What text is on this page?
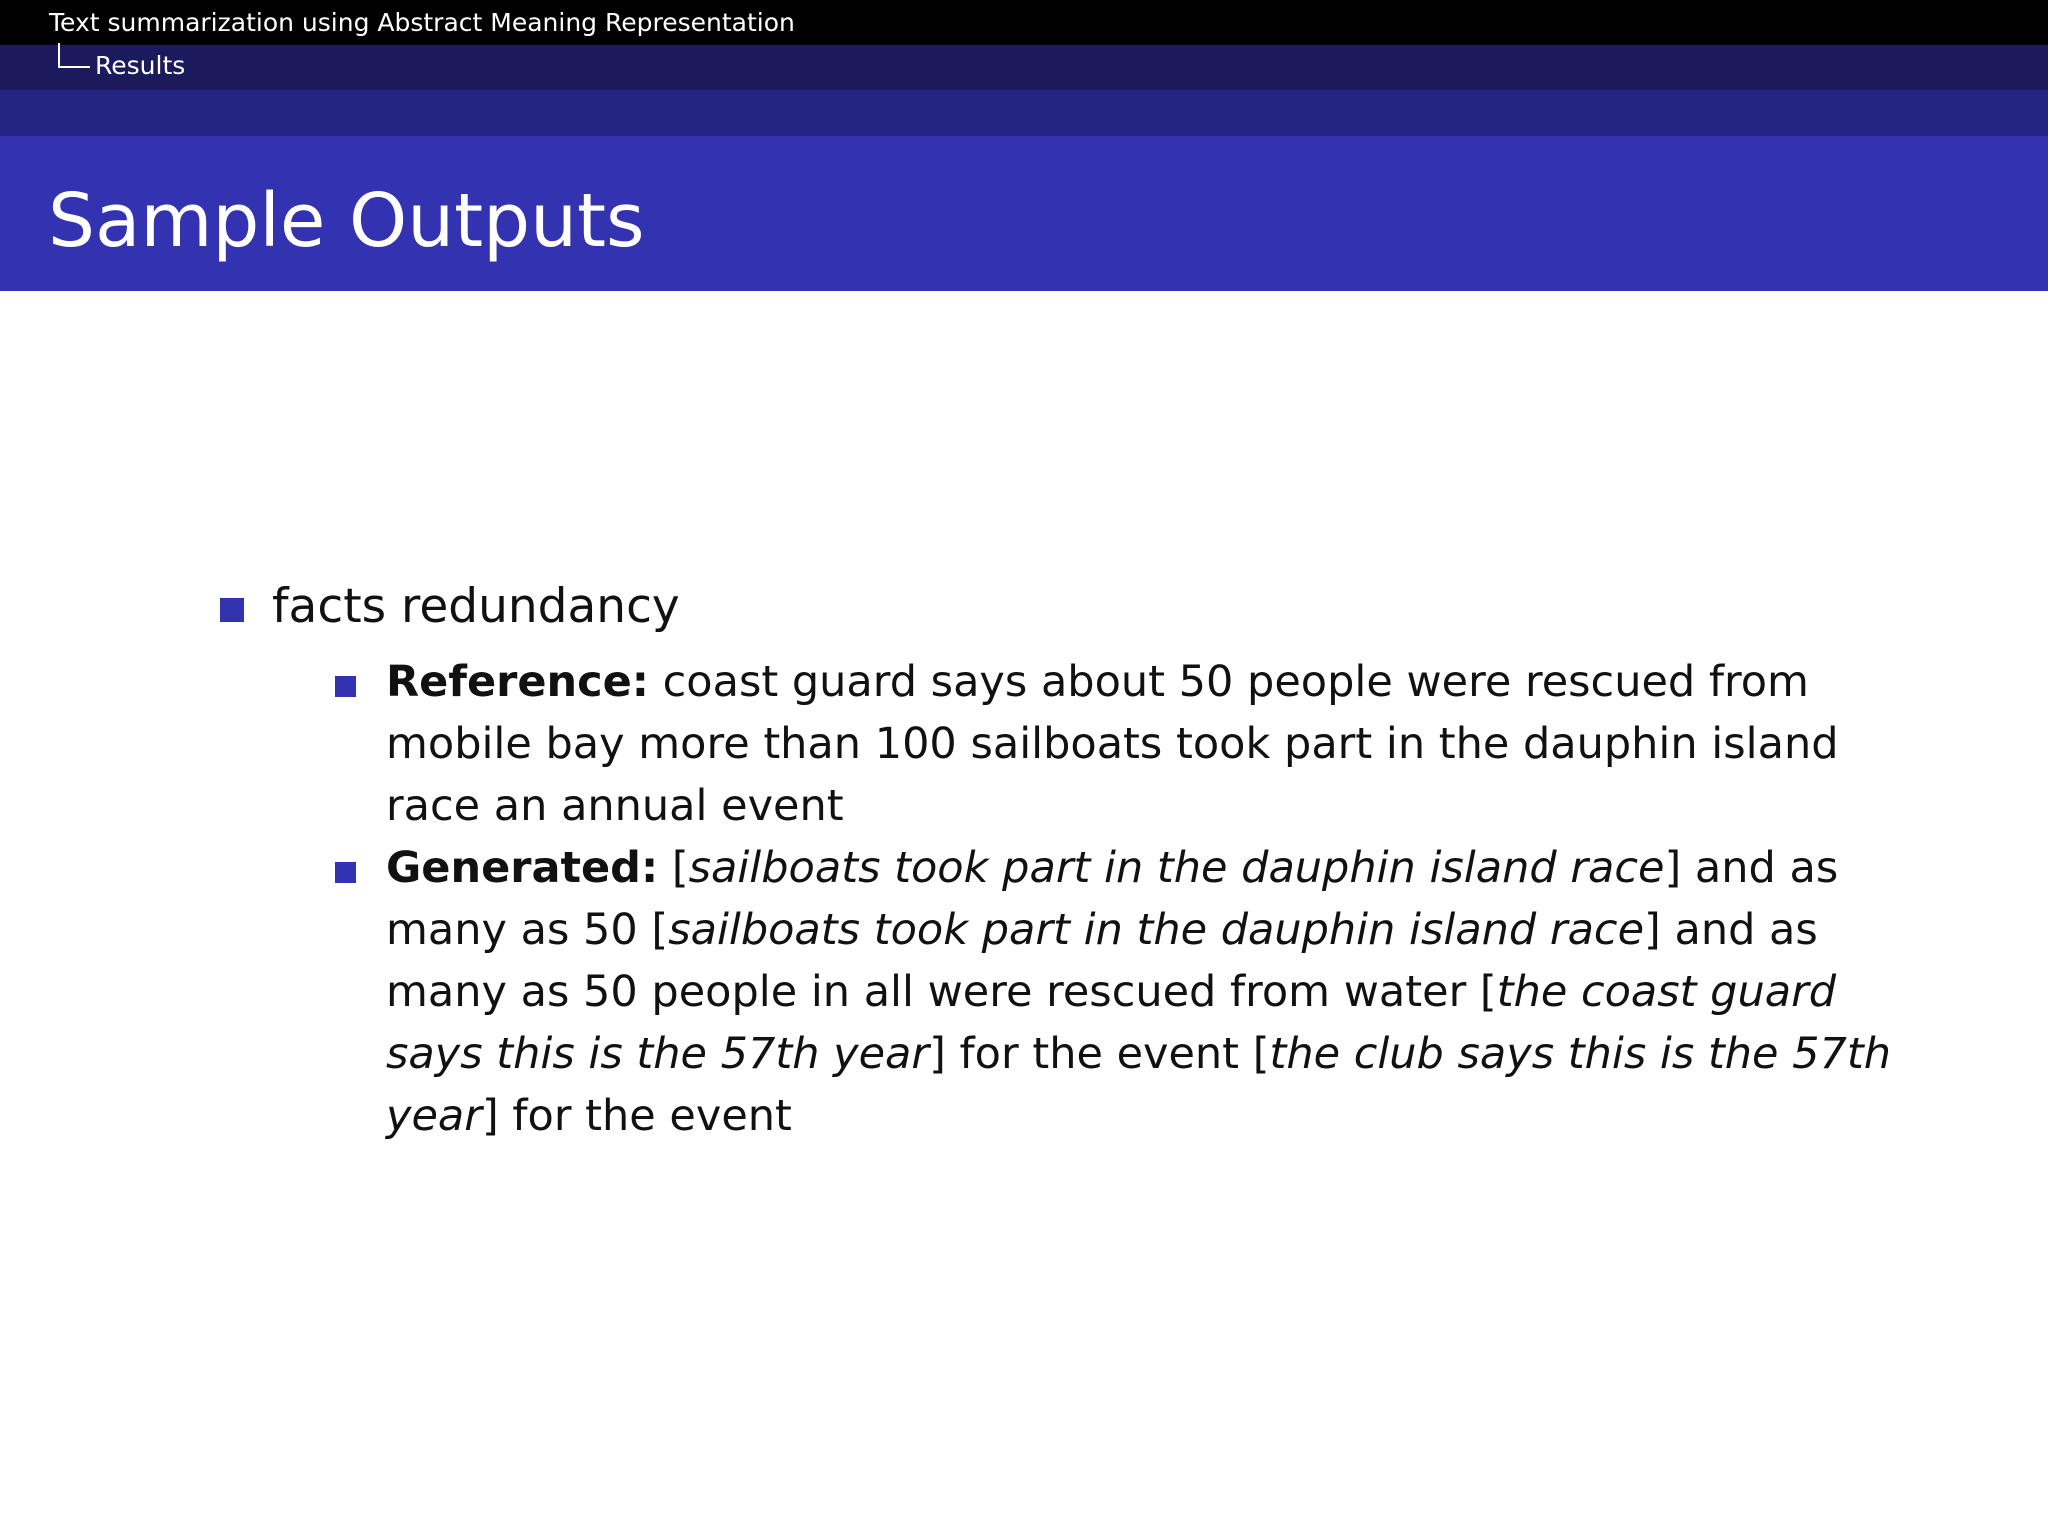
Text summarization using Abstract Meaning Representation
Results
Sample Outputs
facts redundancy
Reference: coast guard says about 50 people were rescued from
mobile bay more than 100 sailboats took part in the dauphin island
race an annual event
Generated: [sailboats took part in the dauphin island race] and as
many as 50 [sailboats took part in the dauphin island race] and as
many as 50 people in all were rescued from water [the coast guard
says this is the 57th year] for the event [the club says this is the 57th
year] for the event
